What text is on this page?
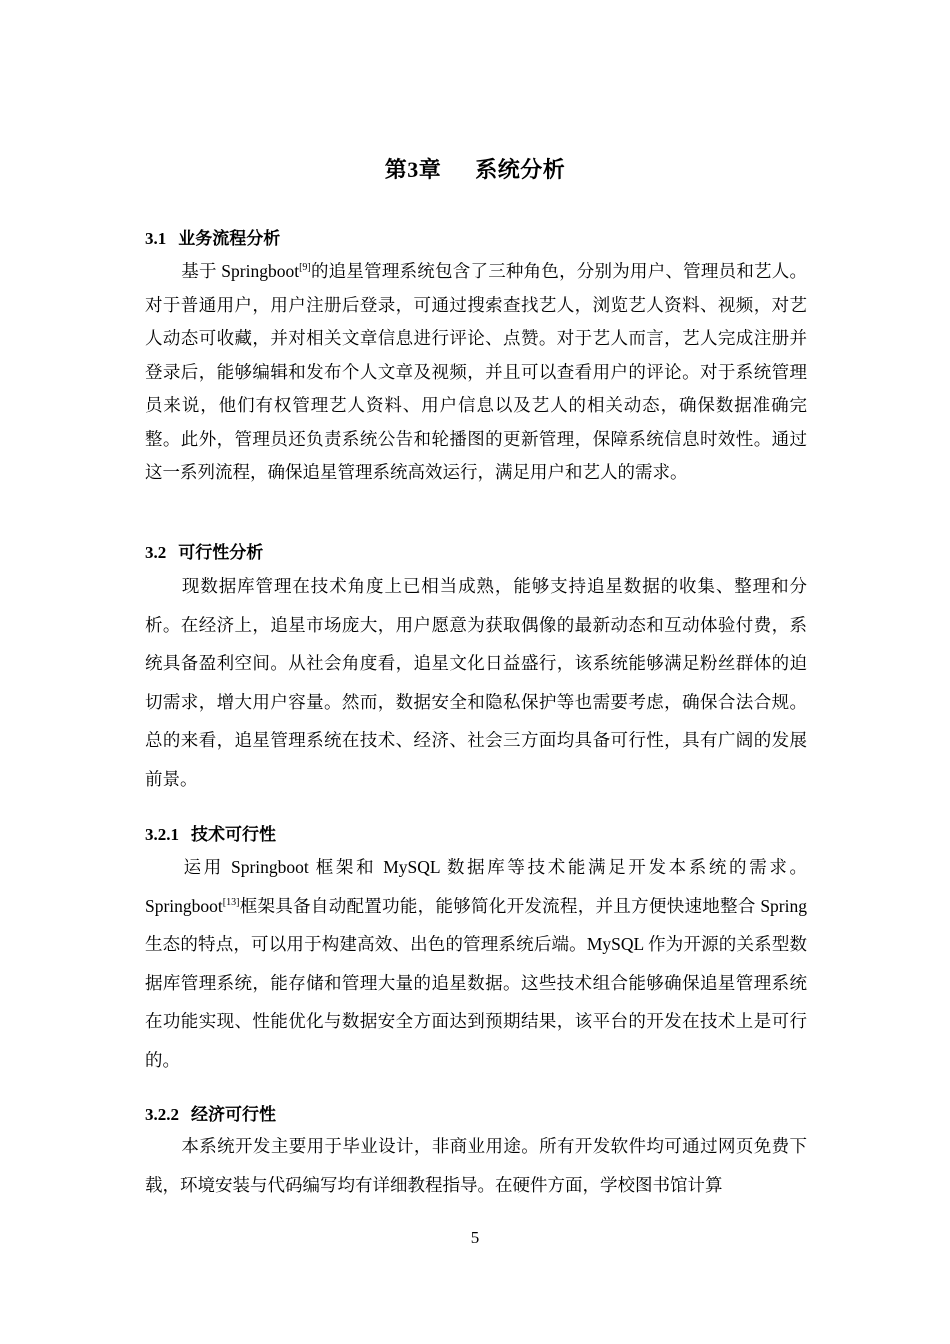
第3章 系统分析
3.1 业务流程分析
基于 Springboot[9]的追星管理系统包含了三种角色，分别为用户、管理员和艺人。对于普通用户，用户注册后登录，可通过搜索查找艺人，浏览艺人资料、视频，对艺人动态可收藏，并对相关文章信息进行评论、点赞。对于艺人而言，艺人完成注册并登录后，能够编辑和发布个人文章及视频，并且可以查看用户的评论。对于系统管理员来说，他们有权管理艺人资料、用户信息以及艺人的相关动态，确保数据准确完整。此外，管理员还负责系统公告和轮播图的更新管理，保障系统信息时效性。通过这一系列流程，确保追星管理系统高效运行，满足用户和艺人的需求。
3.2 可行性分析
现数据库管理在技术角度上已相当成熟，能够支持追星数据的收集、整理和分析。在经济上，追星市场庞大，用户愿意为获取偶像的最新动态和互动体验付费，系统具备盈利空间。从社会角度看，追星文化日益盛行，该系统能够满足粉丝群体的迫切需求，增大用户容量。然而，数据安全和隐私保护等也需要考虑，确保合法合规。总的来看，追星管理系统在技术、经济、社会三方面均具备可行性，具有广阔的发展前景。
3.2.1 技术可行性
运用 Springboot 框架和 MySQL 数据库等技术能满足开发本系统的需求。Springboot[13]框架具备自动配置功能，能够简化开发流程，并且方便快速地整合 Spring 生态的特点，可以用于构建高效、出色的管理系统后端。MySQL 作为开源的关系型数据库管理系统，能存储和管理大量的追星数据。这些技术组合能够确保追星管理系统在功能实现、性能优化与数据安全方面达到预期结果，该平台的开发在技术上是可行的。
3.2.2 经济可行性
本系统开发主要用于毕业设计，非商业用途。所有开发软件均可通过网页免费下载，环境安装与代码编写均有详细教程指导。在硬件方面，学校图书馆计算
5
